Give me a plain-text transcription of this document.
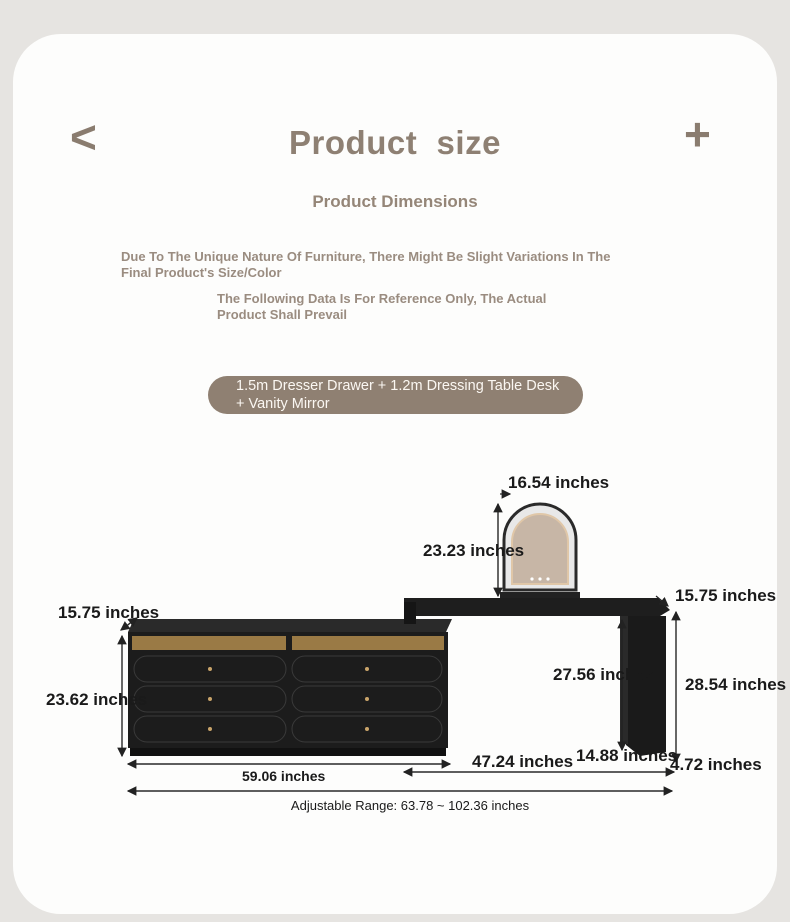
<	+
Product  size
Product Dimensions
Due To The Unique Nature Of Furniture, There Might Be Slight Variations In The Final Product's Size/Color
The Following Data Is For Reference Only, The Actual Product Shall Prevail
1.5m Dresser Drawer + 1.2m Dressing Table Desk
+ Vanity Mirror
16.54 inches
23.23 inches
15.75 inches
15.75 inches
23.62 inches
27.56 inches
28.54 inches
14.88 inches
47.24 inches	4.72 inches
59.06 inches
Adjustable Range: 63.78 ~ 102.36 inches
